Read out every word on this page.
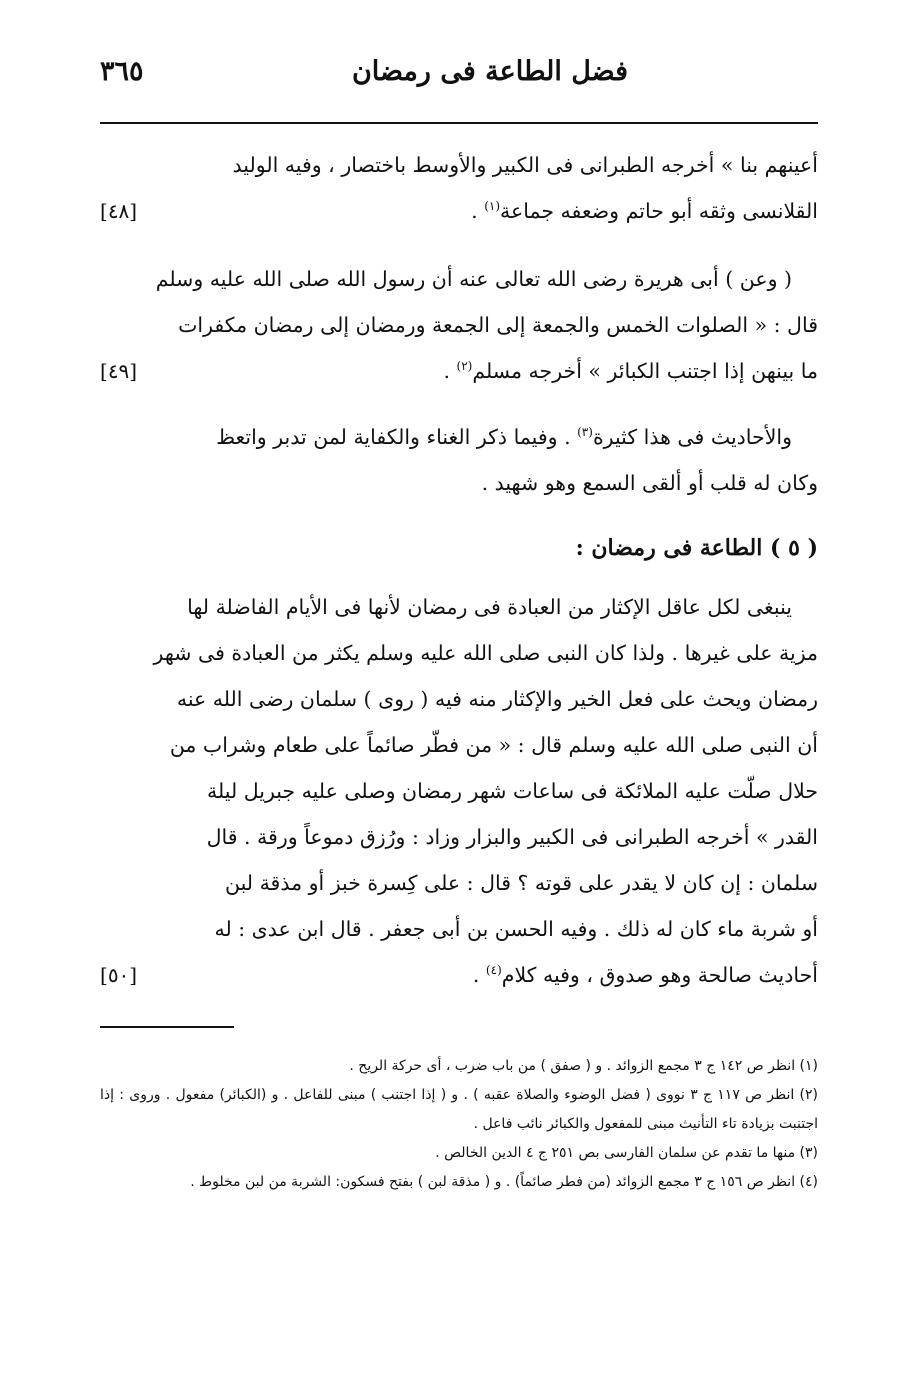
فضل الطاعة فى رمضان
٣٦٥

أعينهم بنا » أخرجه الطبرانى فى الكبير والأوسط باختصار ، وفيه الوليد

القلانسى وثقه أبو حاتم وضعفه جماعة$^{(١)}$ .
[٤٨]

( وعن ) أبى هريرة رضى الله تعالى عنه أن رسول الله صلى الله عليه وسلم

قال : « الصلوات الخمس والجمعة إلى الجمعة ورمضان إلى رمضان مكفرات

ما بينهن إذا اجتنب الكبائر » أخرجه مسلم$^{(٢)}$ .
[٤٩]

والأحاديث فى هذا كثيرة$^{(٣)}$ . وفيما ذكر الغناء والكفاية لمن تدبر واتعظ

وكان له قلب أو ألقى السمع وهو شهيد .

( ٥ ) الطاعة فى رمضان :

ينبغى لكل عاقل الإكثار من العبادة فى رمضان لأنها فى الأيام الفاضلة لها

مزية على غيرها . ولذا كان النبى صلى الله عليه وسلم يكثر من العبادة فى شهر

رمضان ويحث على فعل الخير والإكثار منه فيه ( روى ) سلمان رضى الله عنه

أن النبى صلى الله عليه وسلم قال : « من فطّر صائماً على طعام وشراب من

حلال صلّت عليه الملائكة فى ساعات شهر رمضان وصلى عليه جبريل ليلة

القدر » أخرجه الطبرانى فى الكبير والبزار وزاد : ورُزق دموعاً ورقة . قال

سلمان : إن كان لا يقدر على قوته ؟ قال : على كِسرة خبز أو مذقة لبن

أو شربة ماء كان له ذلك . وفيه الحسن بن أبى جعفر . قال ابن عدى : له

أحاديث صالحة وهو صدوق ، وفيه كلام$^{(٤)}$ .
[٥٠]

(١) انظر ص ١٤٢ ج ٣ مجمع الزوائد . و ( صفق ) من باب ضرب ، أى حركة الريح .

(٢) انظر ص ١١٧ ج ٣ نووى ( فضل الوضوء والصلاة عقبه ) . و ( إذا اجتنب ) مبنى للفاعل . و (الكبائر) مفعول . وروى : إذا اجتنبت بزيادة تاء التأنيث مبنى للمفعول والكبائر نائب فاعل .

(٣) منها ما تقدم عن سلمان الفارسى بص ٢٥١ ج ٤ الدين الخالص .

(٤) انظر ص ١٥٦ ج ٣ مجمع الزوائد (من فطر صائماً) . و ( مذقة لبن ) بفتح فسكون: الشربة من لبن مخلوط .
